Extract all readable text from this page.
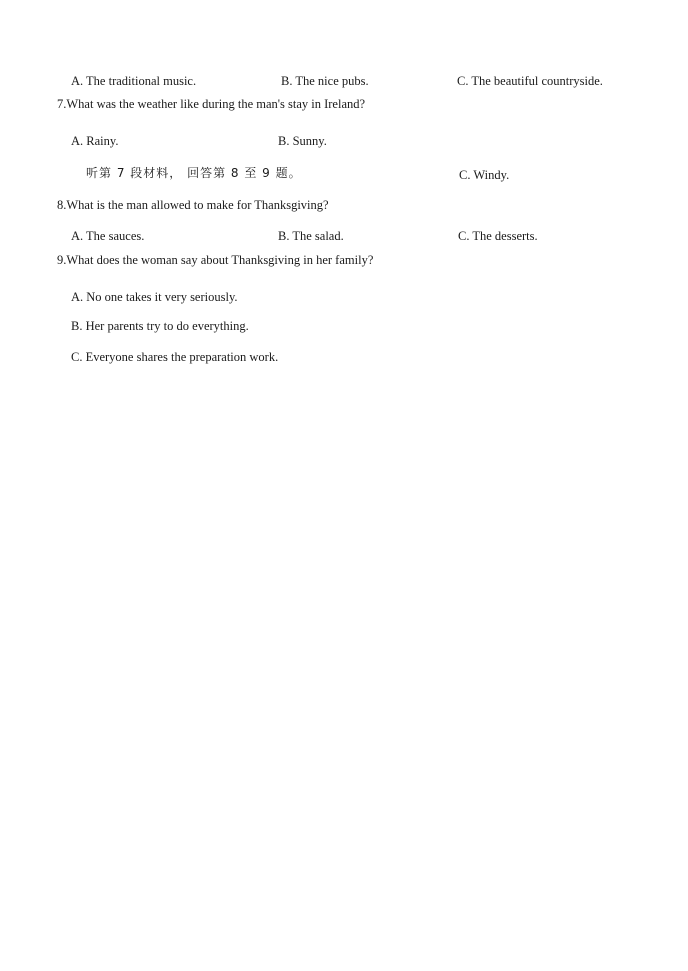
A. The traditional music.	B. The nice pubs.	C. The beautiful countryside.
7.What was the weather like during the man's stay in Ireland?
A. Rainy.	B. Sunny.
听第 7 段材料， 回答第 8 至 9 题。	C. Windy.
8.What is the man allowed to make for Thanksgiving?
A. The sauces.	B. The salad.	C. The desserts.
9.What does the woman say about Thanksgiving in her family?
A. No one takes it very seriously.
B. Her parents try to do everything.
C. Everyone shares the preparation work.
